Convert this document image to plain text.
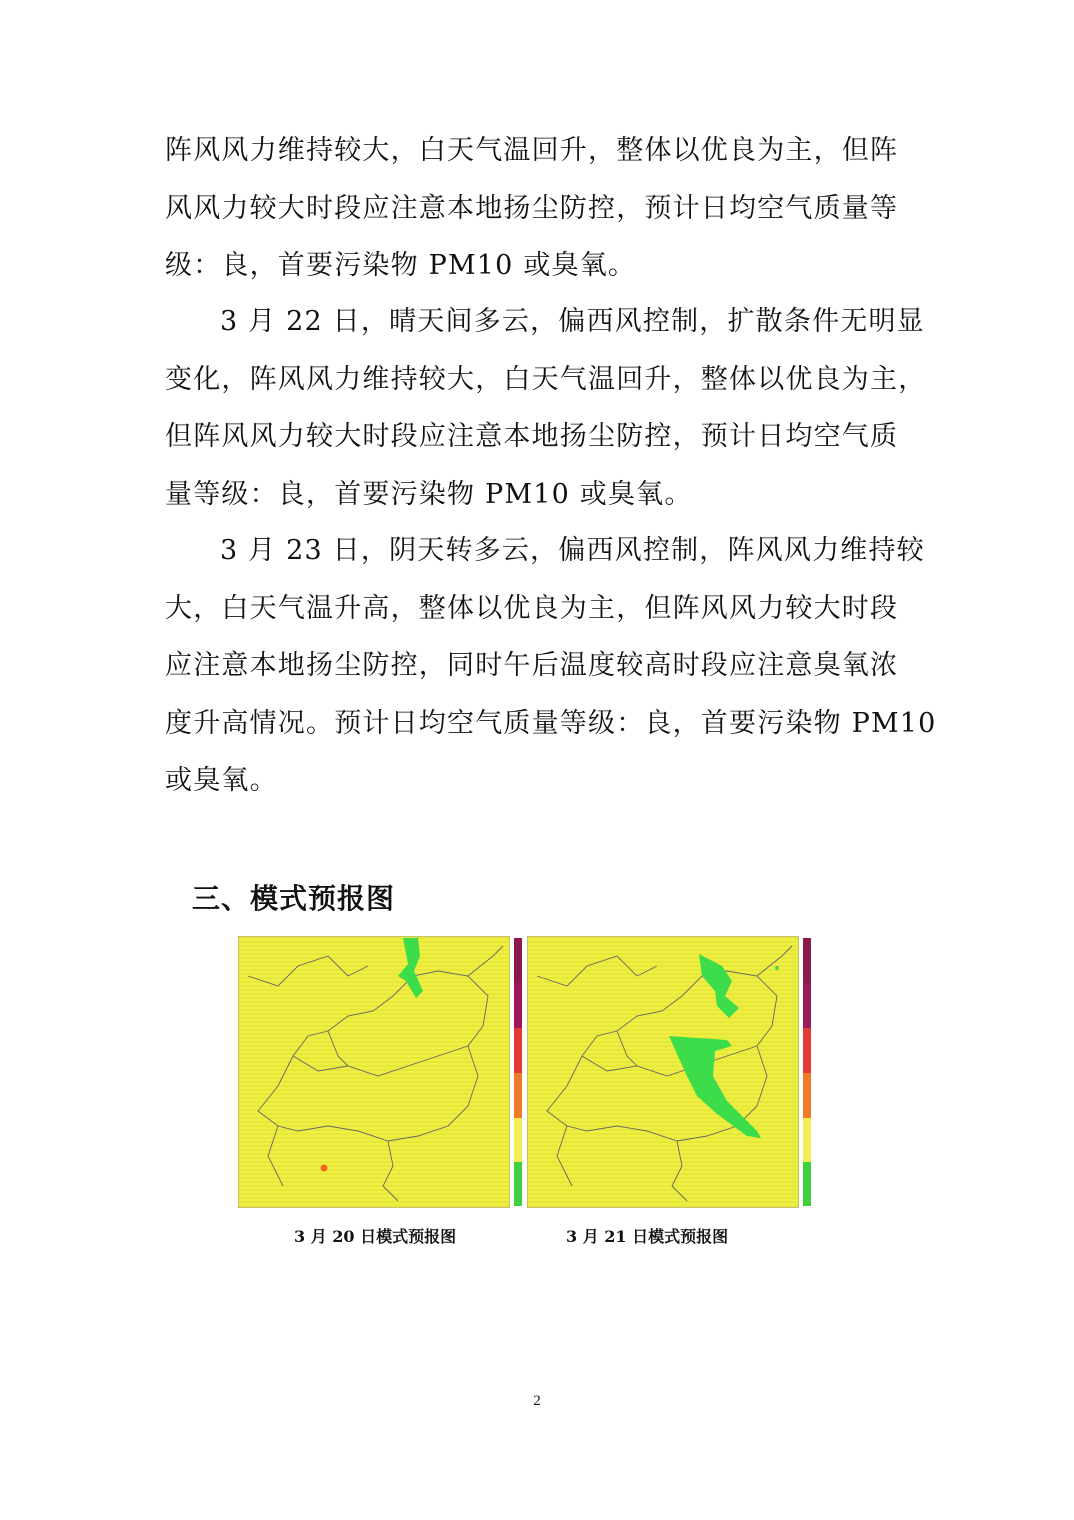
阵风风力维持较大，白天气温回升，整体以优良为主，但阵
风风力较大时段应注意本地扬尘防控，预计日均空气质量等
级：良，首要污染物 PM10 或臭氧。
3 月 22 日，晴天间多云，偏西风控制，扩散条件无明显
变化，阵风风力维持较大，白天气温回升，整体以优良为主，
但阵风风力较大时段应注意本地扬尘防控，预计日均空气质
量等级：良，首要污染物 PM10 或臭氧。
3 月 23 日，阴天转多云，偏西风控制，阵风风力维持较
大，白天气温升高，整体以优良为主，但阵风风力较大时段
应注意本地扬尘防控，同时午后温度较高时段应注意臭氧浓
度升高情况。预计日均空气质量等级：良，首要污染物 PM10
或臭氧。
三、模式预报图

3 月 20 日模式预报图	3 月 21 日模式预报图

2
